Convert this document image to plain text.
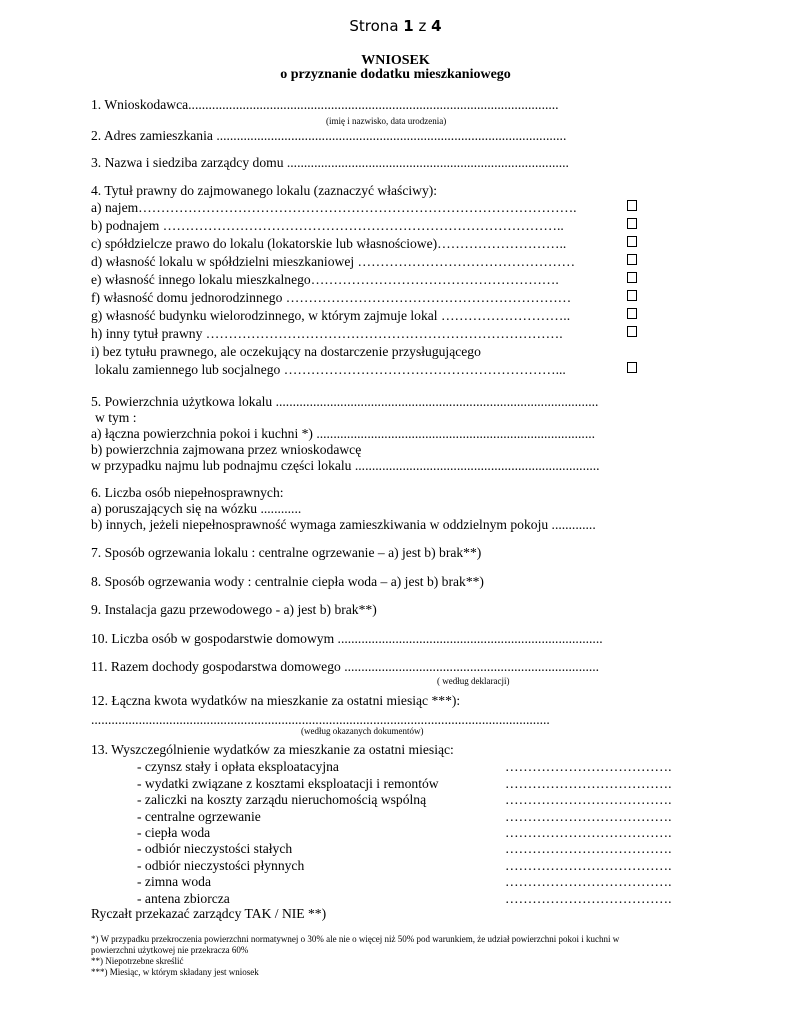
Strona 1 z 4
WNIOSEK
o przyznanie dodatku mieszkaniowego
1. Wnioskodawca.............................................................................................................
(imię i nazwisko, data urodzenia)
2. Adres zamieszkania .......................................................................................................
3. Nazwa i siedziba zarządcy domu ...................................................................................
4. Tytuł prawny do zajmowanego lokalu (zaznaczyć właściwy):
a) najem…………………………………………………………………………………….
b) podnajem ……………………………………………………………………………..
c) spółdzielcze prawo do lokalu (lokatorskie lub własnościowe)………………………..
d) własność lokalu w spółdzielni mieszkaniowej …………………………………………
e) własność innego lokalu mieszkalnego……………………………………………….
f) własność domu jednorodzinnego ………………………………………………………
g) własność budynku wielorodzinnego, w którym zajmuje lokal ………………………..
h) inny tytuł prawny …………………………………………………………………….
i) bez tytułu prawnego, ale oczekujący na dostarczenie przysługującego
lokalu zamiennego lub socjalnego ……………………………………………………...
5. Powierzchnia użytkowa lokalu ...............................................................................................
w tym :
a) łączna powierzchnia pokoi i kuchni *) ..................................................................................
b) powierzchnia zajmowana przez wnioskodawcę
w przypadku najmu lub podnajmu części lokalu ........................................................................
6. Liczba osób niepełnosprawnych:
a) poruszających się na wózku ............
b) innych, jeżeli niepełnosprawność wymaga zamieszkiwania w oddzielnym pokoju .............
7. Sposób ogrzewania lokalu : centralne ogrzewanie – a) jest b) brak**)
8. Sposób ogrzewania wody : centralnie ciepła woda – a) jest b) brak**)
9. Instalacja gazu przewodowego - a) jest b) brak**)
10. Liczba osób w gospodarstwie domowym ..............................................................................
11. Razem dochody gospodarstwa domowego ...........................................................................
( według deklaracji)
12. Łączna kwota wydatków na mieszkanie za ostatni miesiąc ***):
.......................................................................................................................................
(według okazanych dokumentów)
13. Wyszczególnienie wydatków za mieszkanie za ostatni miesiąc:
- czynsz stały i opłata eksploatacyjna	……………………………….
- wydatki związane z kosztami eksploatacji i remontów	……………………………….
- zaliczki na koszty zarządu nieruchomością wspólną	……………………………….
- centralne ogrzewanie	……………………………….
- ciepła woda	……………………………….
- odbiór nieczystości stałych	……………………………….
- odbiór nieczystości płynnych	……………………………….
- zimna woda	……………………………….
- antena zbiorcza	……………………………….
Ryczałt przekazać zarządcy TAK / NIE **)
*) W przypadku przekroczenia powierzchni normatywnej o 30% ale nie o więcej niż 50% pod warunkiem, że udział powierzchni pokoi i kuchni w
powierzchni użytkowej nie przekracza 60%
**) Niepotrzebne skreślić
***) Miesiąc, w którym składany jest wniosek
